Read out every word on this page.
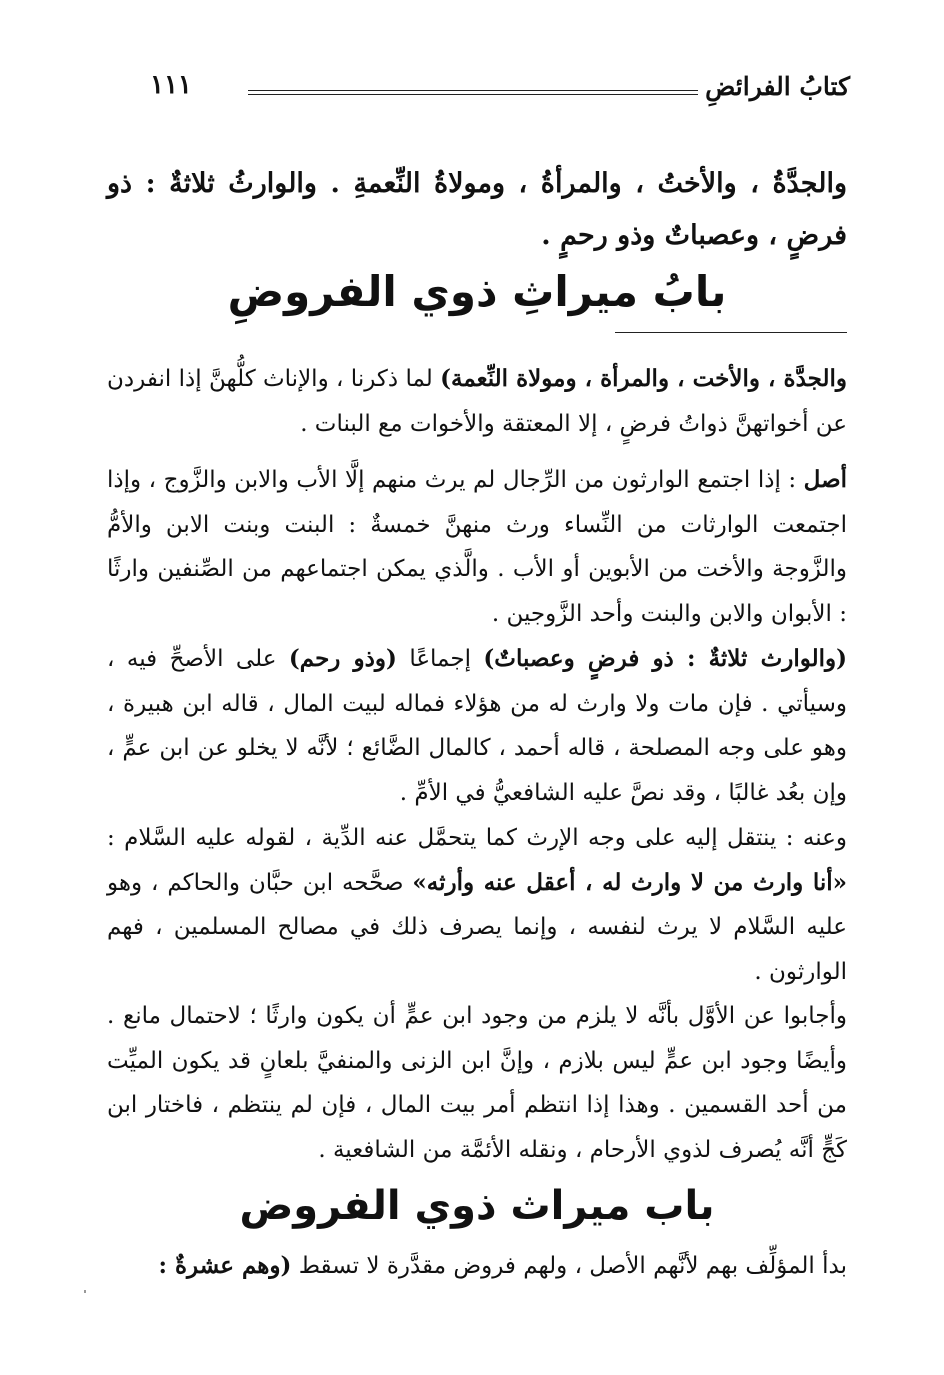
كتابُ الفرائضِ
١١١
والجدَّةُ ، والأختُ ، والمرأةُ ، ومولاةُ النِّعمةِ . والوارثُ ثلاثةٌ : ذو فرضٍ ، وعصباتٌ وذو رحمٍ .
بابُ ميراثِ ذوي الفروضِ
والجدَّة ، والأخت ، والمرأة ، ومولاة النِّعمة) لما ذكرنا ، والإناث كلُّهنَّ إذا انفردن عن أخواتهنَّ ذواتُ فرضٍ ، إلا المعتقة والأخوات مع البنات .
أصل : إذا اجتمع الوارثون من الرِّجال لم يرث منهم إلَّا الأب والابن والزَّوج ، وإذا اجتمعت الوارثات من النِّساء ورث منهنَّ خمسةٌ : البنت وبنت الابن والأمُّ والزَّوجة والأخت من الأبوين أو الأب . والَّذي يمكن اجتماعهم من الصِّنفين وارثًا : الأبوان والابن والبنت وأحد الزَّوجين .
(والوارث ثلاثةٌ : ذو فرضٍ وعصباتٌ) إجماعًا (وذو رحم) على الأصحِّ فيه ، وسيأتي . فإن مات ولا وارث له من هؤلاء فماله لبيت المال ، قاله ابن هبيرة ، وهو على وجه المصلحة ، قاله أحمد ، كالمال الضَّائع ؛ لأنَّه لا يخلو عن ابن عمٍّ ، وإن بعُد غالبًا ، وقد نصَّ عليه الشافعيُّ في الأمِّ .
وعنه : ينتقل إليه على وجه الإرث كما يتحمَّل عنه الدِّية ، لقوله عليه السَّلام : «أنا وارث من لا وارث له ، أعقل عنه وأرثه» صحَّحه ابن حبَّان والحاكم ، وهو عليه السَّلام لا يرث لنفسه ، وإنما يصرف ذلك في مصالح المسلمين ، فهم الوارثون .
وأجابوا عن الأوَّل بأنَّه لا يلزم من وجود ابن عمٍّ أن يكون وارثًا ؛ لاحتمال مانع . وأيضًا وجود ابن عمٍّ ليس بلازم ، وإنَّ ابن الزنى والمنفيَّ بلعانٍ قد يكون الميِّت من أحد القسمين . وهذا إذا انتظم أمر بيت المال ، فإن لم ينتظم ، فاختار ابن كَجٍّ أنَّه يُصرف لذوي الأرحام ، ونقله الأئمَّة من الشافعية .
باب ميراث ذوي الفروض
بدأ المؤلِّف بهم لأنَّهم الأصل ، ولهم فروض مقدَّرة لا تسقط (وهم عشرةٌ :
